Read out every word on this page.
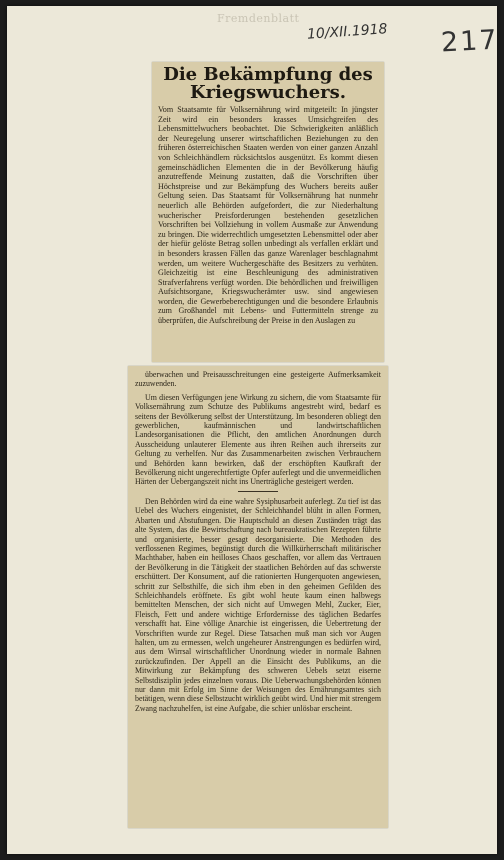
Fremdenblatt
10/XII.1918 217
Die Bekämpfung des Kriegswuchers.

Vom Staatsamte für Volksernährung wird mitgeteilt: In jüngster Zeit wird ein besonders krasses Umsichgreifen des Lebensmittelwuchers beobachtet. Die Schwierigkeiten anläßlich der Neuregelung unserer wirtschaftlichen Beziehungen zu den früheren österreichischen Staaten werden von einer ganzen Anzahl von Schleichhändlern rücksichtslos ausgenützt. Es kommt diesen gemeinschädlichen Elementen die in der Bevölkerung häufig anzutreffende Meinung zustatten, daß die Vorschriften über Höchstpreise und zur Bekämpfung des Wuchers bereits außer Geltung seien. Das Staatsamt für Volksernährung hat nunmehr neuerlich alle Behörden aufgefordert, die zur Niederhaltung wucherischer Preisforderungen bestehenden gesetzlichen Vorschriften bei Vollziehung in vollem Ausmaße zur Anwendung zu bringen. Die widerrechtlich umgesetzten Lebensmittel oder aber der hiefür gelöste Betrag sollen unbedingt als verfallen erklärt und in besonders krassen Fällen das ganze Warenlager beschlagnahmt werden, um weitere Wuchergeschäfte des Besitzers zu verhüten. Gleichzeitig ist eine Beschleunigung des administrativen Strafverfahrens verfügt worden. Die behördlichen und freiwilligen Aufsichtsorgane, Kriegswucherämter usw. sind angewiesen worden, die Gewerbeberechtigungen und die besondere Erlaubnis zum Großhandel mit Lebens- und Futtermitteln strenge zu überprüfen, die Aufschreibung der Preise in den Auslagen zu

überwachen und Preisausschreitungen eine gesteigerte Aufmerksamkeit zuzuwenden.

Um diesen Verfügungen jene Wirkung zu sichern, die vom Staatsamte für Volksernährung zum Schutze des Publikums angestrebt wird, bedarf es seitens der Bevölkerung selbst der Unterstützung. Im besonderen obliegt den gewerblichen, kaufmännischen und landwirtschaftlichen Landesorganisationen die Pflicht, den amtlichen Anordnungen durch Ausscheidung unlauterer Elemente aus ihren Reihen auch ihrerseits zur Geltung zu verhelfen. Nur das Zusammenarbeiten zwischen Verbrauchern und Behörden kann bewirken, daß der erschöpften Kaufkraft der Bevölkerung nicht ungerechtfertigte Opfer auferlegt und die unvermeidlichen Härten der Uebergangszeit nicht ins Unerträgliche gesteigert werden.

Den Behörden wird da eine wahre Sysiphusarbeit auferlegt. Zu tief ist das Uebel des Wuchers eingenistet, der Schleichhandel blüht in allen Formen, Abarten und Abstufungen. Die Hauptschuld an diesen Zuständen trägt das alte System, das die Bewirtschaftung nach bureaukratischen Rezepten führte und organisierte, besser gesagt desorganisierte. Die Methoden des verflossenen Regimes, begünstigt durch die Willkürherrschaft militärischer Machthaber, haben ein heilloses Chaos geschaffen, vor allem das Vertrauen der Bevölkerung in die Tätigkeit der staatlichen Behörden auf das schwerste erschüttert. Der Konsument, auf die rationierten Hungerquoten angewiesen, schritt zur Selbsthilfe, die sich ihm eben in den geheimen Gefilden des Schleichhandels eröffnete. Es gibt wohl heute kaum einen halbwegs bemittelten Menschen, der sich nicht auf Umwegen Mehl, Zucker, Eier, Fleisch, Fett und andere wichtige Erfordernisse des täglichen Bedarfes verschafft hat. Eine völlige Anarchie ist eingerissen, die Uebertretung der Vorschriften wurde zur Regel. Diese Tatsachen muß man sich vor Augen halten, um zu ermessen, welch ungeheurer Anstrengungen es bedürfen wird, aus dem Wirrsal wirtschaftlicher Unordnung wieder in normale Bahnen zurückzufinden. Der Appell an die Einsicht des Publikums, an die Mitwirkung zur Bekämpfung des schweren Uebels setzt eiserne Selbstdisziplin jedes einzelnen voraus. Die Ueberwachungsbehörden können nur dann mit Erfolg im Sinne der Weisungen des Ernährungsamtes sich betätigen, wenn diese Selbstzucht wirklich geübt wird. Und hier mit strengem Zwang nachzuhelfen, ist eine Aufgabe, die schier unlösbar erscheint.
